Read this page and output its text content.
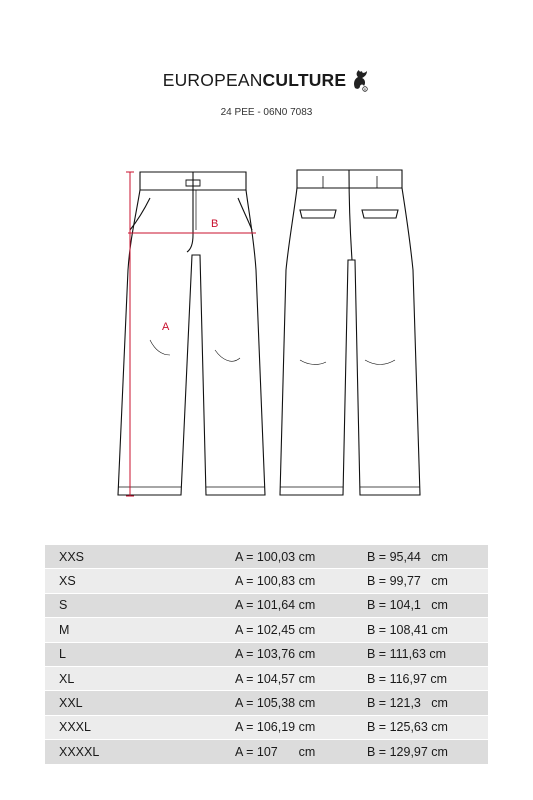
EUROPEANCULTURE	R
24 PEE - 06N0 7083
A
B
XXS	A = 100,03 cm	B = 95,44   cm
XS	A = 100,83 cm	B = 99,77   cm
S	A = 101,64 cm	B = 104,1   cm
M	A = 102,45 cm	B = 108,41 cm
L	A = 103,76 cm	B = 111,63 cm
XL	A = 104,57 cm	B = 116,97 cm
XXL	A = 105,38 cm	B = 121,3   cm
XXXL	A = 106,19 cm	B = 125,63 cm
XXXXL	A = 107      cm	B = 129,97 cm
